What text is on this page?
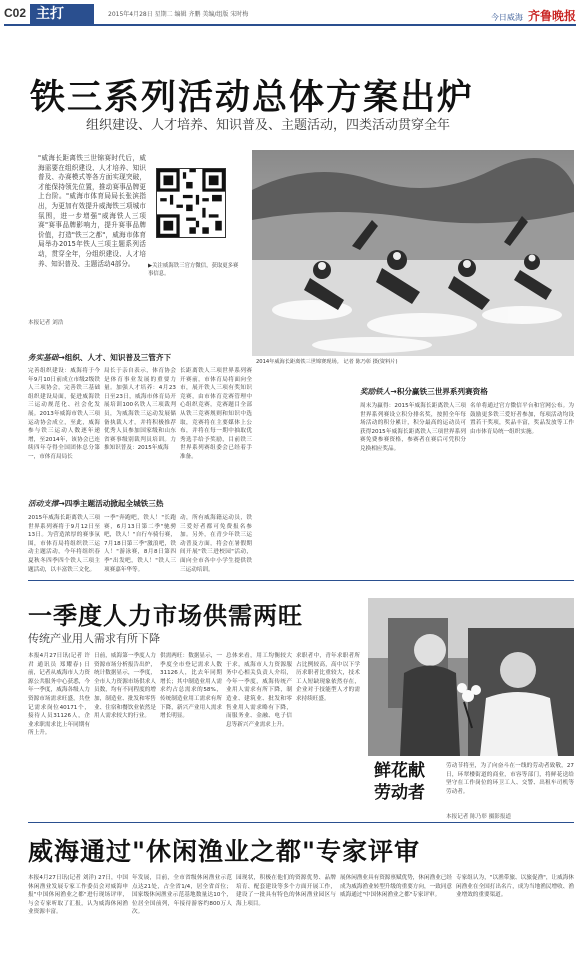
C02 主打	2015年4月28日 星期二 编辑 齐鹏 美编/组版 宋时梅	今日威海 齐鲁晚报
铁三系列活动总体方案出炉
组织建设、人才培养、知识普及、主题活动，四类活动贯穿全年
"威海长距离铁三世锦赛时代后，威海需要在组织建设、人才培养、知识普及、办赛模式等各方面实现突破，才能保持领先位置，推动赛事品牌更上台阶。"威海市体育局局长张滨指出，为更加有效提升威海铁三项城市氛围，进一步增强"威海铁人三项赛"赛事品牌影响力，提升赛事品牌价值，打造"铁三之都"，威海市体育局举办2015年铁人三项主题系列活动，贯穿全年，分组织建设、人才培养、知识普及、主题活动4部分。	▶关注威海铁三官方微信，获取更多赛事信息。
本报记者 刘浩
2014年威海长距离铁三世锦赛现场。 记者 陈乃彰 摄(资料片)
务实基础→组织、人才、知识普及三管齐下
完善组织建设：威海将于今年9月10日前成立市级2级铁人三项协会，完善铁三基础组织建设局面，促进威海铁三运动规范化、社会化发展。2013年威海市铁人三项运动协会成立，至此，威海参与铁三运动人数逐年递增，至2014年，该协会已连续四年夺得全国团体总分第一，市体育局局长
局长于亲自表示，体育协会是体育事业发展的重要力量。加强人才培养：4月23日至23日，威海市体育局开展培训100名铁人三项裁判员，为威海铁三运动发展储备执裁人才，并将积极推荐优秀人员参加国家级和山东省赛事级别裁判员培训。力推知识普及：2015年威海
长距离铁人三项世界系列赛开赛前，市体育局将面向全市，展开铁人三项有奖知识竞赛，由市体育竞赛管理中心组织竞赛，竞赛题目全部从铁三竞赛规则和知识中选取，竞赛将在主要媒体上公布，并将在每一期中抽取优秀选手给予奖励，目前铁三世界系列赛组委会已经着手准备。
活动支撑→四季主题活动掀起全城铁三热
2015年威海长距离铁人三项世界系列赛将于9月12日至13日。为营造浓厚的赛事氛围，市体育局将组织铁三运动主题活动，今年将组织春夏秋冬四季四个铁人三项主题活动，以丰富铁三文化。
一季"奔跑吧，铁人！"长跑赛，6月13日第二季"驰骋吧，铁人！"自行车骑行赛，7月18日第三季"激浪吧，铁人！"游泳赛，8月8日第四季"出发吧，铁人！"铁人三项赛嘉年华等。
动，所有威海籍运动员，铁三爱好者都可免费报名参加。另外，在青少年铁三运动普及方面，将会在暑假期间开展"铁三进校园"活动，面向全市各中小学生提供铁三运动培训。
奖励铁人→积分赢铁三世界系列赛资格
周末为赢得：2015年威海长距离铁人三项世界系列赛设立积分排名奖，按照全年每场活动的积分累计，积分最高的运动员可获得2015年威海长距离铁人三项世界系列赛免费参赛资格，参赛者在赛后可凭积分兑换相应奖品。
名单将通过官方微信平台和官网公布。为鼓励更多铁三爱好者参加，每项活动均设置若干奖项，奖品丰富，奖品发放等工作由市体育局统一组织实施。
一季度人力市场供需两旺
传统产业用人需求有所下降
本报4月27日讯(记者 许君 通讯员 郑耀春) 日前，记者从威海市人力资源公共服务中心获悉，今年一季度，威海各级人力资源市场需求旺盛，共登记需求岗位40171个，接待人员31126人，企业求职需求比上年同期有所上升。
日前，威海第一季度人力资源市场分析报告出炉，统计数据显示，一季度，全市人力资源市场供求人员数，均有不同程度的增加，制造业、批发和零售业、住宿和餐饮业依然是用人需求较大的行业。
供需两旺：数据显示，一季度全市登记需求人数31126人，比去年同期增长；其中制造业用人需求约占总需求的58%，传统制造业用工需求有所下降，新兴产业用人需求增长明显。
总体来看，用工均衡较大于求，威海市人力资源服务中心相关负责人介绍，今年一季度，威海传统产业用人需求有所下降，制造业、建筑业、批发和零售业用人需求略有下降，而服务业、金融、电子信息等新兴产业需求上升。
求职者中，青年求职者所占比例较高，高中以下学历求职者比重较大，技术工人短缺现象依然存在，企业对于技能型人才的需求持续旺盛。
鲜花献劳动者
劳动节将至，为了向奋斗在一线的劳动者致敬，27日，环翠楼街道的商业，市容等部门，将鲜花送给坚守在工作岗位的环卫工人、交警、出租车司机等劳动者。
本报记者 陈乃彰 摄影报道
威海通过"休闲渔业之都"专家评审
本报4月27日讯(记者 刘洋) 27日，中国休闲渔业发展专家工作委员会对威海申报"中国休闲渔业之都"进行现场评审，与会专家听取了汇报，认为威海休闲渔业资源丰富。
年发展，目前，全市省级休闲渔业示范点达21处，占全省1/4，居全省首位；国家级休闲渔业示范基地数量达10个，位居全国前列，年接待游客约800万人次。
园现状，积极在他们的资源优势、品牌培育、配套建设等多个方面开展工作，建设了一批具有特色的休闲渔业园区与海上项目。
展休闲渔业具有资源禀赋优势，休闲渔业已经成为威海渔业转型升级的重要方向，一致同意威海通过"中国休闲渔业之都"专家评审。
专家组认为，"以渔带旅、以旅促渔"，让威海休闲渔业在全国打出名片，成为当地渔民增收、渔业增效的重要渠道。
